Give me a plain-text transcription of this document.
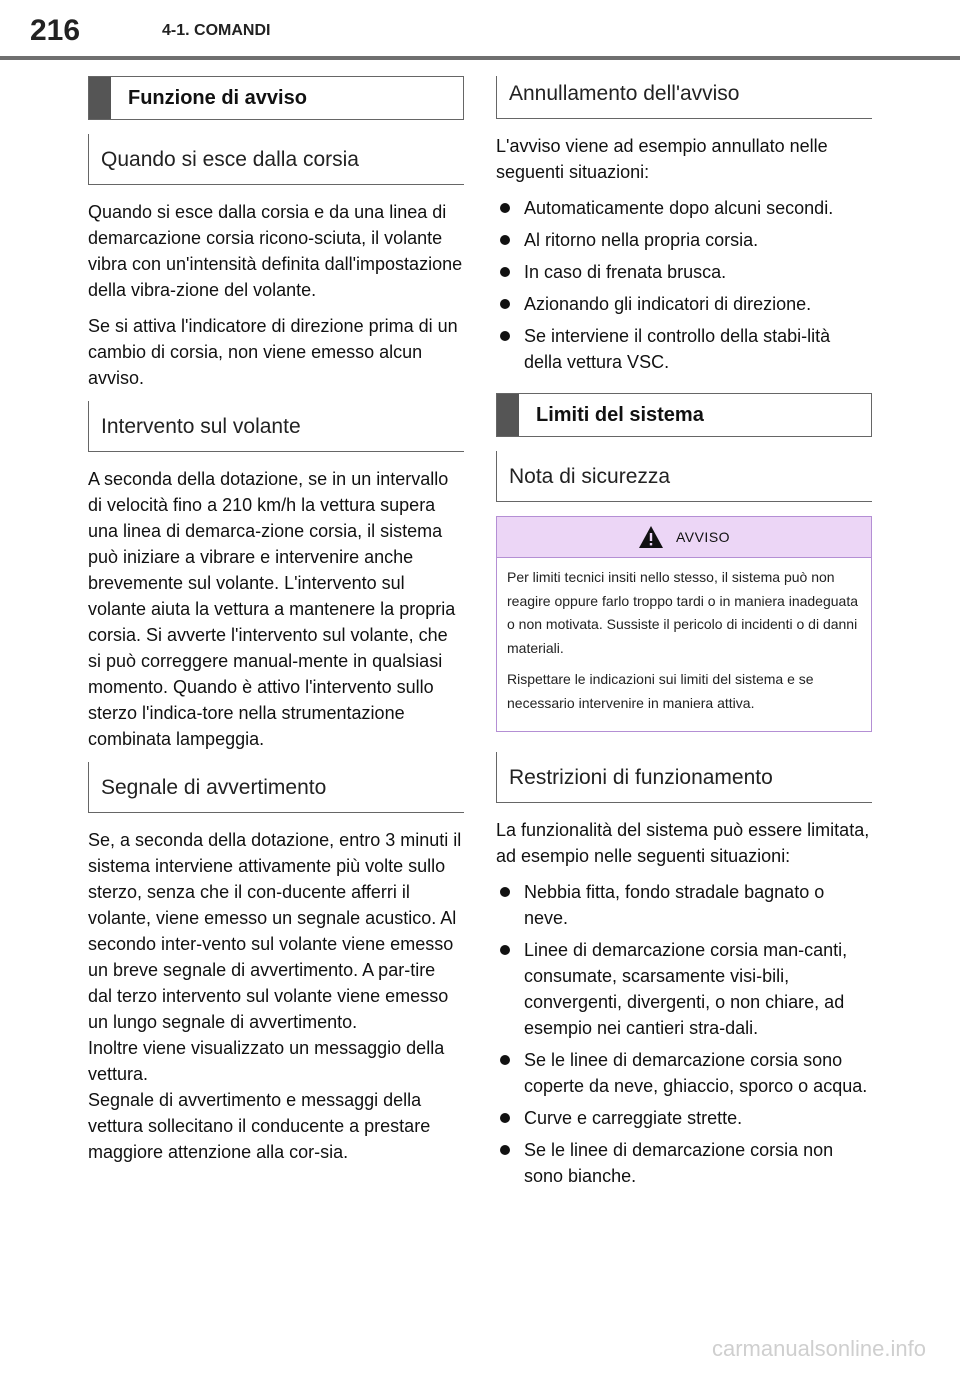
216	4-1. COMANDI
Funzione di avviso
Quando si esce dalla corsia

Quando si esce dalla corsia e da una linea di demarcazione corsia ricono-sciuta, il volante vibra con un'intensità definita dall'impostazione della vibra-zione del volante.

Se si attiva l'indicatore di direzione prima di un cambio di corsia, non viene emesso alcun avviso.

Intervento sul volante

A seconda della dotazione, se in un intervallo di velocità fino a 210 km/h la vettura supera una linea di demarca-zione corsia, il sistema può iniziare a vibrare e intervenire anche brevemente sul volante. L'intervento sul volante aiuta la vettura a mantenere la propria corsia. Si avverte l'intervento sul volante, che si può correggere manual-mente in qualsiasi momento. Quando è attivo l'intervento sullo sterzo l'indica-tore nella strumentazione combinata lampeggia.

Segnale di avvertimento

Se, a seconda della dotazione, entro 3 minuti il sistema interviene attivamente più volte sullo sterzo, senza che il con-ducente afferri il volante, viene emesso un segnale acustico. Al secondo inter-vento sul volante viene emesso un breve segnale di avvertimento. A par-tire dal terzo intervento sul volante viene emesso un lungo segnale di avvertimento.

Inoltre viene visualizzato un messaggio della vettura.

Segnale di avvertimento e messaggi della vettura sollecitano il conducente a prestare maggiore attenzione alla cor-sia.

Annullamento dell'avviso

L'avviso viene ad esempio annullato nelle seguenti situazioni:

Automaticamente dopo alcuni secondi.
Al ritorno nella propria corsia.
In caso di frenata brusca.
Azionando gli indicatori di direzione.
Se interviene il controllo della stabi-lità della vettura VSC.
Limiti del sistema
Nota di sicurezza
AVVISO

Per limiti tecnici insiti nello stesso, il sistema può non reagire oppure farlo troppo tardi o in maniera inadeguata o non motivata. Sussiste il pericolo di incidenti o di danni materiali.

Rispettare le indicazioni sui limiti del sistema e se necessario intervenire in maniera attiva.

Restrizioni di funzionamento

La funzionalità del sistema può essere limitata, ad esempio nelle seguenti situazioni:

Nebbia fitta, fondo stradale bagnato o neve.
Linee di demarcazione corsia man-canti, consumate, scarsamente visi-bili, convergenti, divergenti, o non chiare, ad esempio nei cantieri stra-dali.
Se le linee di demarcazione corsia sono coperte da neve, ghiaccio, sporco o acqua.
Curve e carreggiate strette.
Se le linee di demarcazione corsia non sono bianche.
carmanualsonline.info
